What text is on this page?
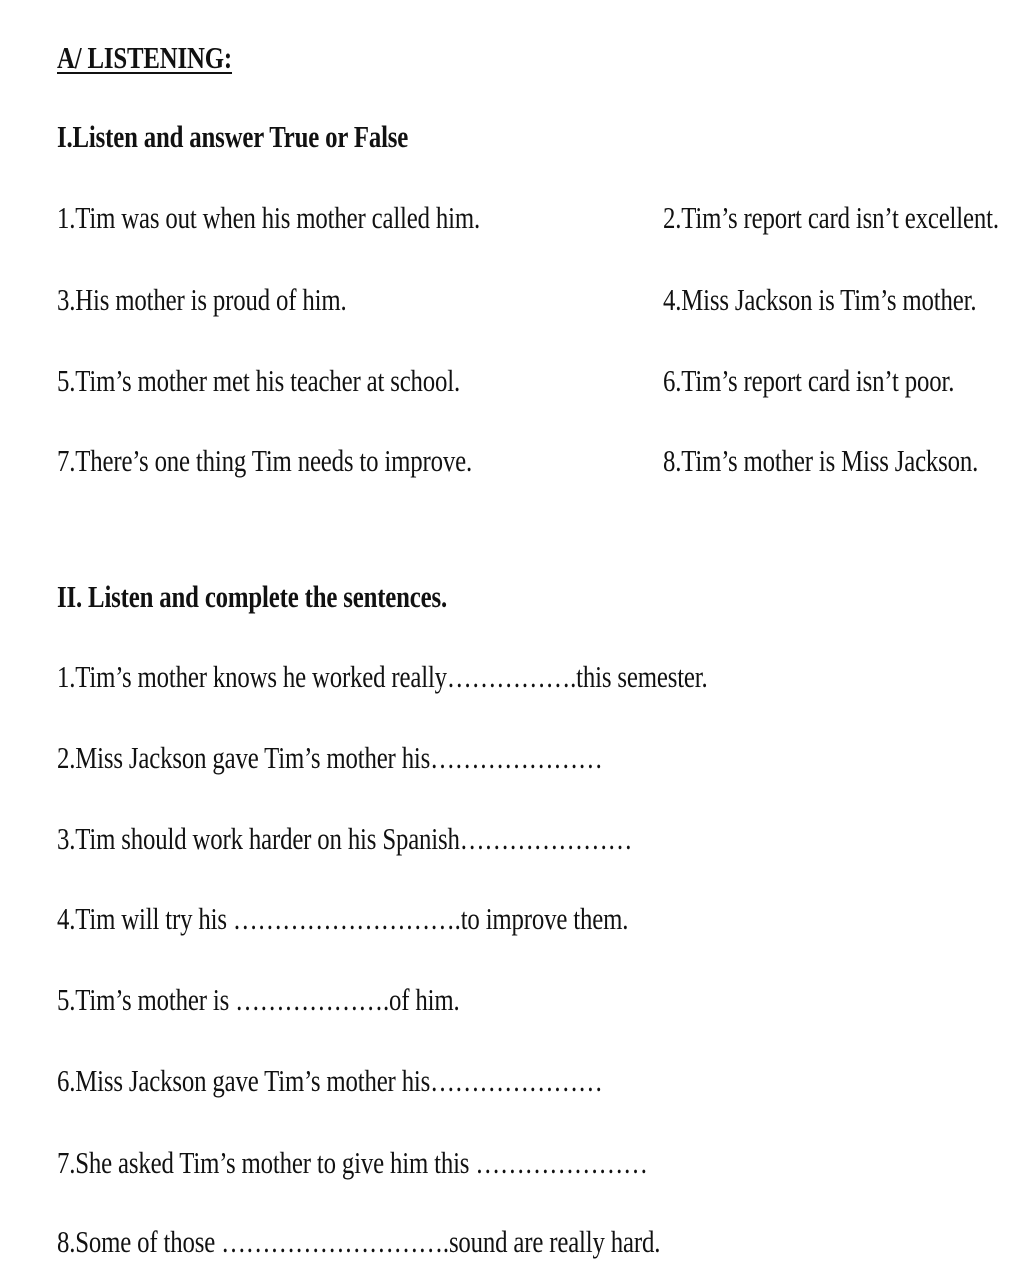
A/ LISTENING:
I.Listen and answer True or False
1.Tim was out when his mother called him.	2.Tim’s report card isn’t excellent.
3.His mother is proud of him.	4.Miss Jackson is Tim’s mother.
5.Tim’s mother met his teacher at school.	6.Tim’s report card isn’t poor.
7.There’s one thing Tim needs to improve.	8.Tim’s mother is Miss Jackson.
II. Listen and complete the sentences.
1.Tim’s mother knows he worked really…………….this semester.
2.Miss Jackson gave Tim’s mother his…………………
3.Tim should work harder on his Spanish…………………
4.Tim will try his ……………………….to improve them.
5.Tim’s mother is ……………….of him.
6.Miss Jackson gave Tim’s mother his…………………
7.She asked Tim’s mother to give him this …………………
8.Some of those ……………………….sound are really hard.
